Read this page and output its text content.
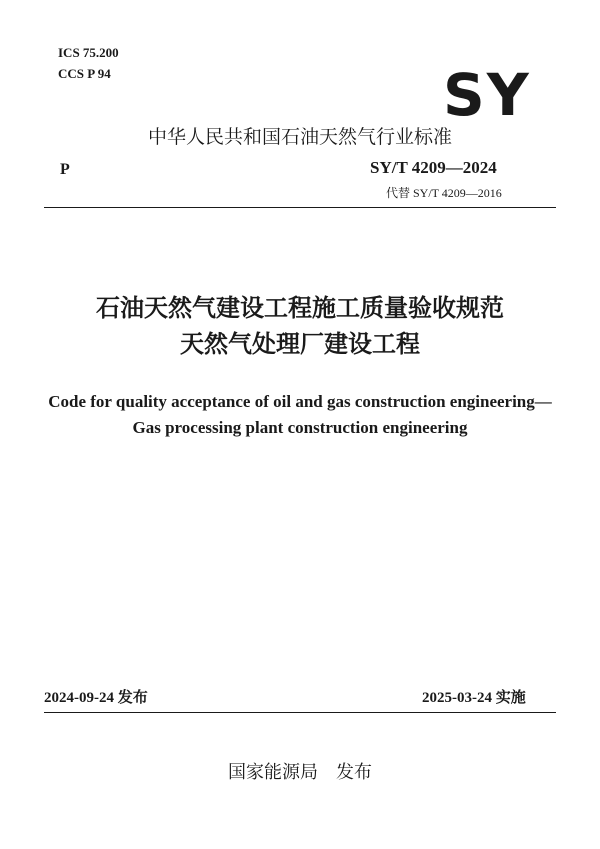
ICS 75.200
CCS P 94	SY
中华人民共和国石油天然气行业标准
P	SY/T 4209—2024
代替 SY/T 4209—2016
石油天然气建设工程施工质量验收规范
天然气处理厂建设工程
Code for quality acceptance of oil and gas construction engineering—
Gas processing plant construction engineering
2024-09-24 发布	2025-03-24 实施
国家能源局 发布
